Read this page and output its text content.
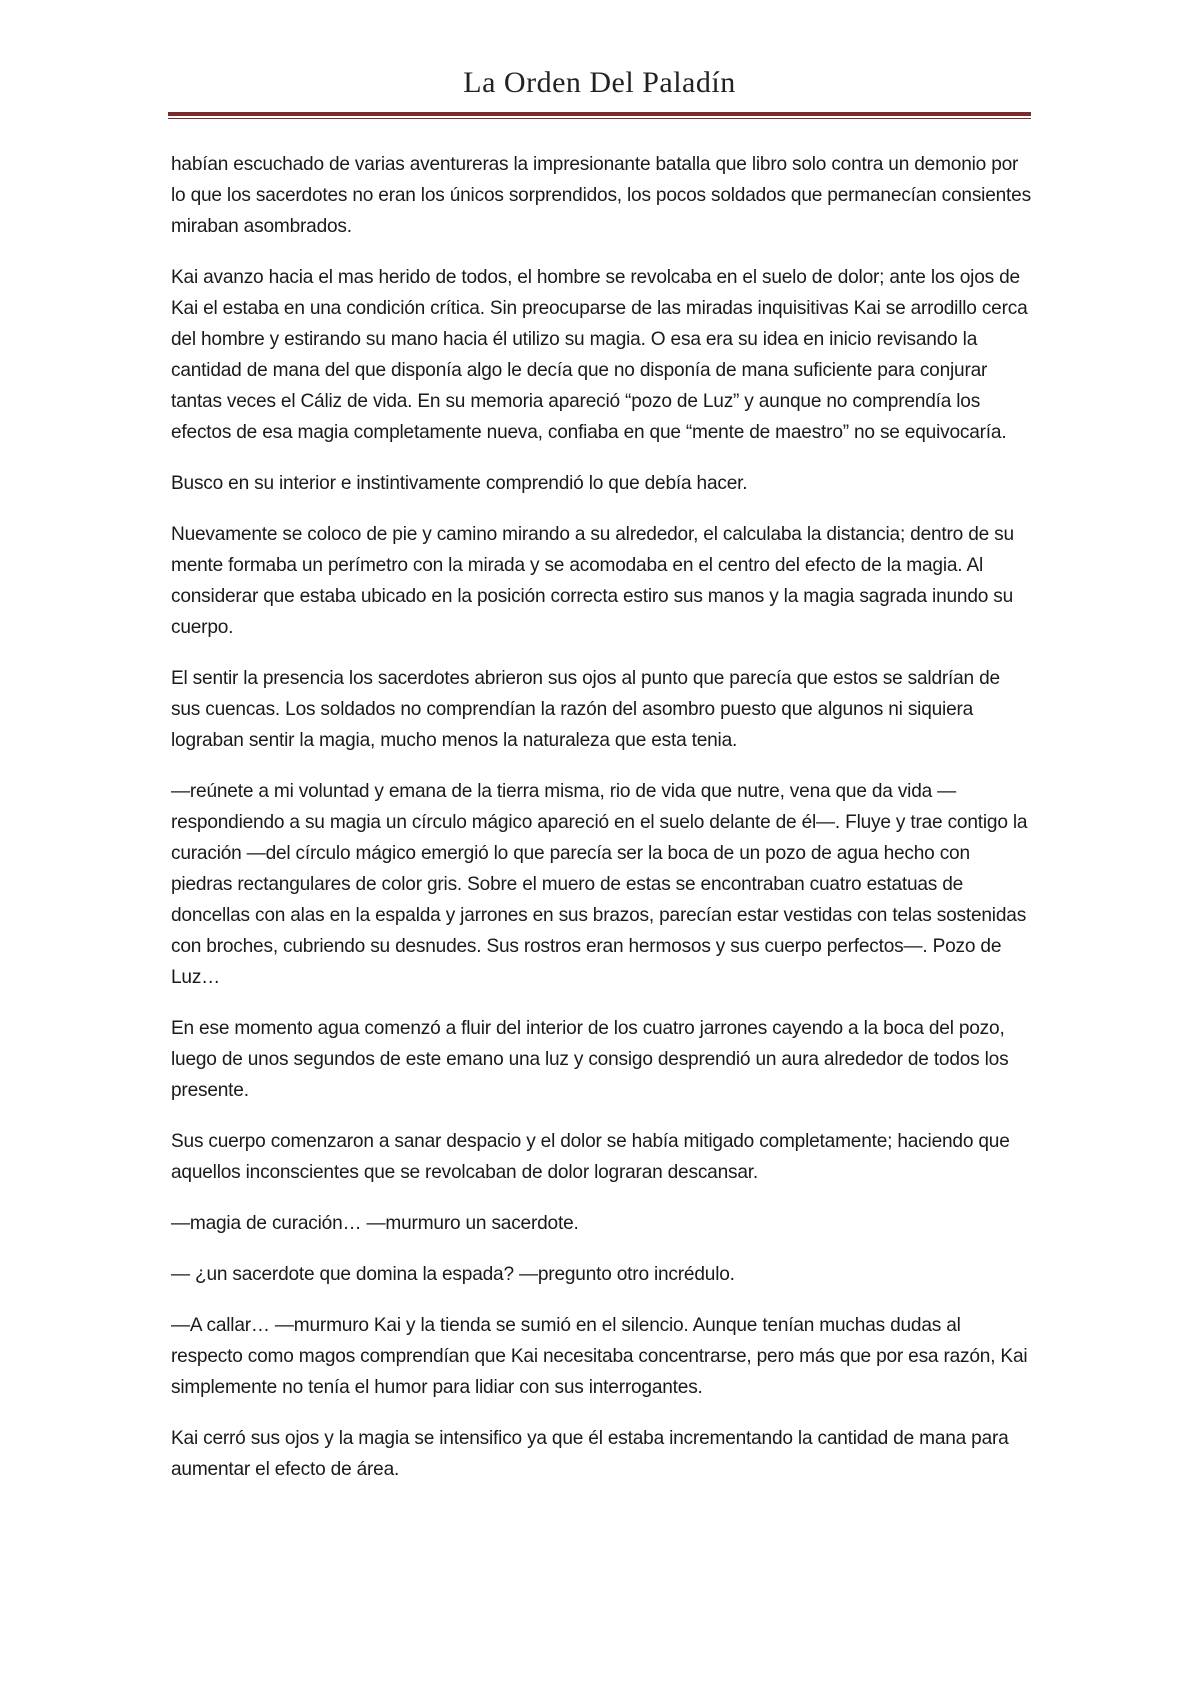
La Orden Del Paladín

habían escuchado de varias aventureras la impresionante batalla que libro solo contra un demonio por lo que los sacerdotes no eran los únicos sorprendidos, los pocos soldados que permanecían consientes miraban asombrados.

Kai avanzo hacia el mas herido de todos, el hombre se revolcaba en el suelo de dolor; ante los ojos de Kai el estaba en una condición crítica. Sin preocuparse de las miradas inquisitivas Kai se arrodillo cerca del hombre y estirando su mano hacia él utilizo su magia. O esa era su idea en inicio revisando la cantidad de mana del que disponía algo le decía que no disponía de mana suficiente para conjurar tantas veces el Cáliz de vida. En su memoria apareció “pozo de Luz” y aunque no comprendía los efectos de esa magia completamente nueva, confiaba en que “mente de maestro” no se equivocaría.

Busco en su interior e instintivamente comprendió lo que debía hacer.

Nuevamente se coloco de pie y camino mirando a su alrededor, el calculaba la distancia; dentro de su mente formaba un perímetro con la mirada y se acomodaba en el centro del efecto de la magia. Al considerar que estaba ubicado en la posición correcta estiro sus manos y la magia sagrada inundo su cuerpo.

El sentir la presencia los sacerdotes abrieron sus ojos al punto que parecía que estos se saldrían de sus cuencas. Los soldados no comprendían la razón del asombro puesto que algunos ni siquiera lograban sentir la magia, mucho menos la naturaleza que esta tenia.

—reúnete a mi voluntad y emana de la tierra misma, rio de vida que nutre, vena que da vida —respondiendo a su magia un círculo mágico apareció en el suelo delante de él—. Fluye y trae contigo la curación —del círculo mágico emergió lo que parecía ser la boca de un pozo de agua hecho con piedras rectangulares de color gris. Sobre el muero de estas se encontraban cuatro estatuas de doncellas con alas en la espalda y jarrones en sus brazos, parecían estar vestidas con telas sostenidas con broches, cubriendo su desnudes. Sus rostros eran hermosos y sus cuerpo perfectos—. Pozo de Luz…

En ese momento agua comenzó a fluir del interior de los cuatro jarrones cayendo a la boca del pozo, luego de unos segundos de este emano una luz y consigo desprendió un aura alrededor de todos los presente.

Sus cuerpo comenzaron a sanar despacio y el dolor se había mitigado completamente; haciendo que aquellos inconscientes que se revolcaban de dolor lograran descansar.

—magia de curación… —murmuro un sacerdote.

— ¿un sacerdote que domina la espada? —pregunto otro incrédulo.

—A callar… —murmuro Kai y la tienda se sumió en el silencio. Aunque tenían muchas dudas al respecto como magos comprendían que Kai necesitaba concentrarse, pero más que por esa razón, Kai simplemente no tenía el humor para lidiar con sus interrogantes.

Kai cerró sus ojos y la magia se intensifico ya que él estaba incrementando la cantidad de mana para aumentar el efecto de área.
